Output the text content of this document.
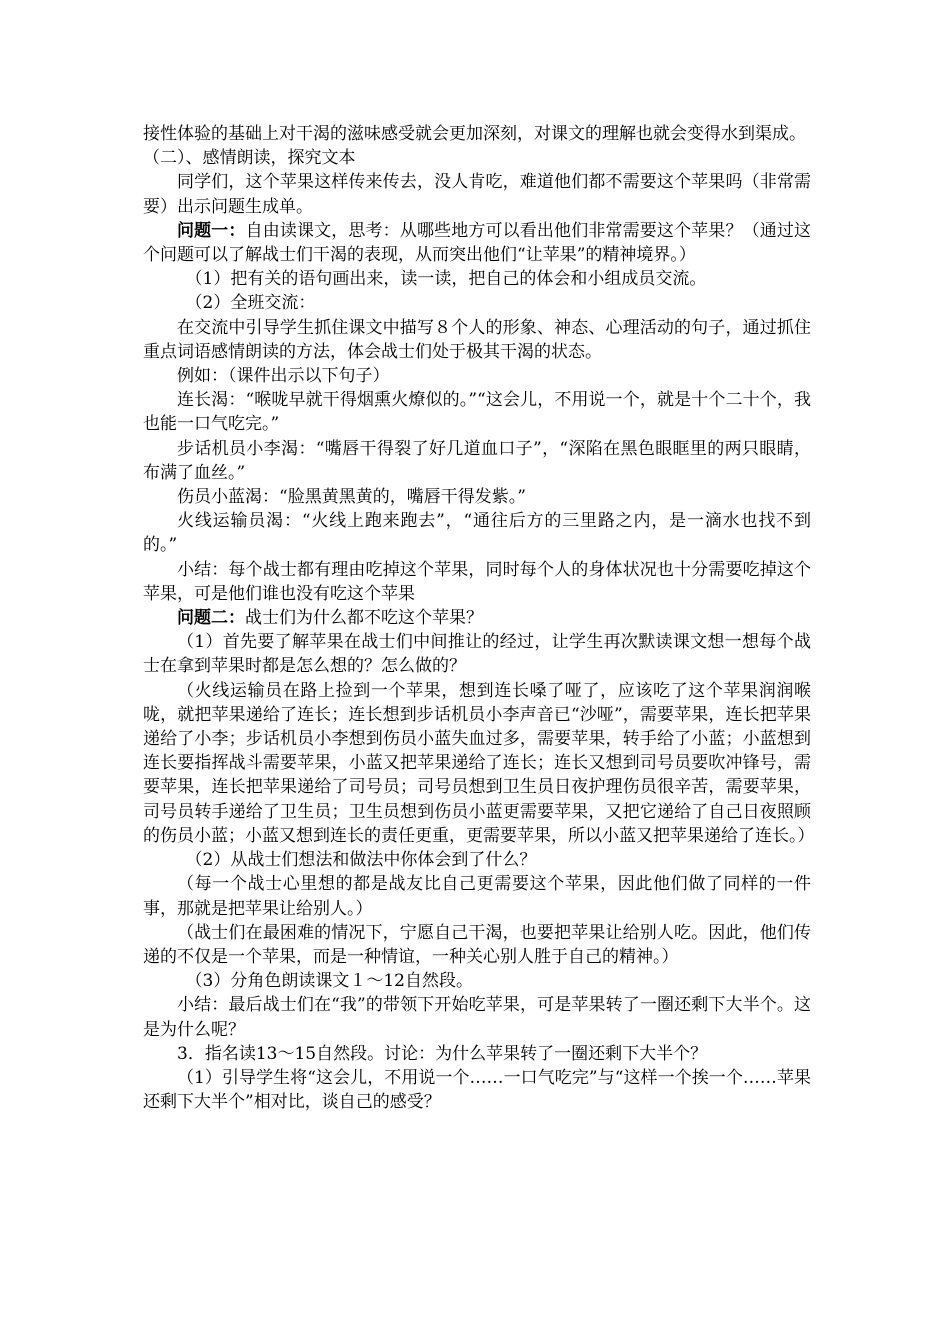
接性体验的基础上对干渴的滋味感受就会更加深刻，对课文的理解也就会变得水到渠成。

（二）、感情朗读，探究文本

同学们，这个苹果这样传来传去，没人肯吃，难道他们都不需要这个苹果吗（非常需要）出示问题生成单。

问题一：自由读课文，思考：从哪些地方可以看出他们非常需要这个苹果？（通过这个问题可以了解战士们干渴的表现，从而突出他们“让苹果”的精神境界。）

（1）把有关的语句画出来，读一读，把自己的体会和小组成员交流。

（2）全班交流：

在交流中引导学生抓住课文中描写８个人的形象、神态、心理活动的句子，通过抓住重点词语感情朗读的方法，体会战士们处于极其干渴的状态。

例如：（课件出示以下句子）

连长渴：“喉咙早就干得烟熏火燎似的。”“这会儿，不用说一个，就是十个二十个，我也能一口气吃完。”

步话机员小李渴：“嘴唇干得裂了好几道血口子”，“深陷在黑色眼眶里的两只眼睛，布满了血丝。”

伤员小蓝渴：“脸黑黄黑黄的，嘴唇干得发紫。”

火线运输员渴：“火线上跑来跑去”，“通往后方的三里路之内，是一滴水也找不到的。”

小结：每个战士都有理由吃掉这个苹果，同时每个人的身体状况也十分需要吃掉这个苹果，可是他们谁也没有吃这个苹果

问题二：战士们为什么都不吃这个苹果？

（1）首先要了解苹果在战士们中间推让的经过，让学生再次默读课文想一想每个战士在拿到苹果时都是怎么想的？怎么做的？

（火线运输员在路上捡到一个苹果，想到连长嗓了哑了，应该吃了这个苹果润润喉咙，就把苹果递给了连长；连长想到步话机员小李声音已“沙哑”，需要苹果，连长把苹果递给了小李；步话机员小李想到伤员小蓝失血过多，需要苹果，转手给了小蓝；小蓝想到连长要指挥战斗需要苹果，小蓝又把苹果递给了连长；连长又想到司号员要吹冲锋号，需要苹果，连长把苹果递给了司号员；司号员想到卫生员日夜护理伤员很辛苦，需要苹果，司号员转手递给了卫生员；卫生员想到伤员小蓝更需要苹果，又把它递给了自己日夜照顾的伤员小蓝；小蓝又想到连长的责任更重，更需要苹果，所以小蓝又把苹果递给了连长。）

（2）从战士们想法和做法中你体会到了什么？

（每一个战士心里想的都是战友比自己更需要这个苹果，因此他们做了同样的一件事，那就是把苹果让给别人。）

（战士们在最困难的情况下，宁愿自己干渴，也要把苹果让给别人吃。因此，他们传递的不仅是一个苹果，而是一种情谊，一种关心别人胜于自己的精神。）

（3）分角色朗读课文１～12自然段。

小结：最后战士们在“我”的带领下开始吃苹果，可是苹果转了一圈还剩下大半个。这是为什么呢？

3．指名读13～15自然段。讨论：为什么苹果转了一圈还剩下大半个？

（1）引导学生将“这会儿，不用说一个……一口气吃完”与“这样一个挨一个……苹果还剩下大半个”相对比，谈自己的感受？
